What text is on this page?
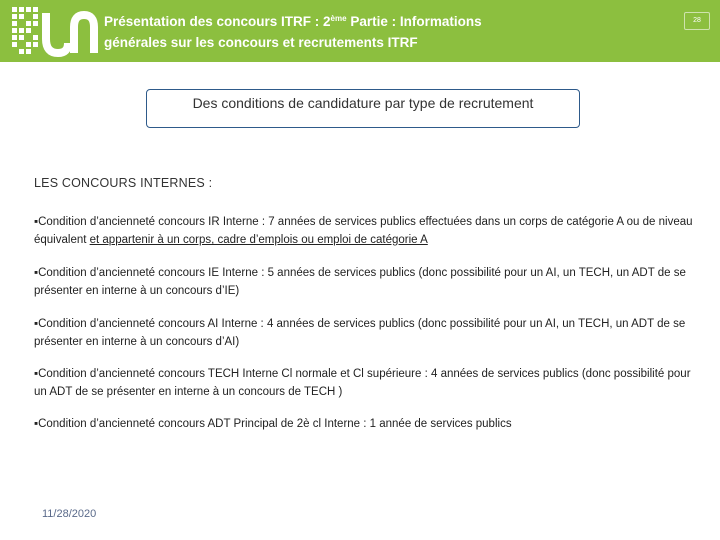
Présentation des concours ITRF : 2ème Partie : Informations
générales sur les concours et recrutements ITRF
28
Des conditions de candidature par type de recrutement
LES CONCOURS INTERNES :
▪Condition d’ancienneté concours IR Interne : 7 années de services publics effectuées dans un corps de catégorie A ou de niveau équivalent et appartenir à un corps, cadre d’emplois ou emploi de catégorie A
▪Condition d’ancienneté concours IE Interne : 5 années de services publics (donc possibilité pour un AI, un TECH, un ADT de se présenter en interne à un concours d’IE)
▪Condition d’ancienneté concours AI Interne : 4 années de services publics (donc possibilité pour un AI, un TECH, un ADT de se présenter en interne à un concours d’AI)
▪Condition d’ancienneté concours TECH Interne Cl normale et Cl supérieure : 4 années de services publics (donc possibilité pour un ADT de se présenter en interne à un concours de TECH )
▪Condition d’ancienneté concours ADT Principal de 2è cl Interne : 1 année de services publics
11/28/2020
